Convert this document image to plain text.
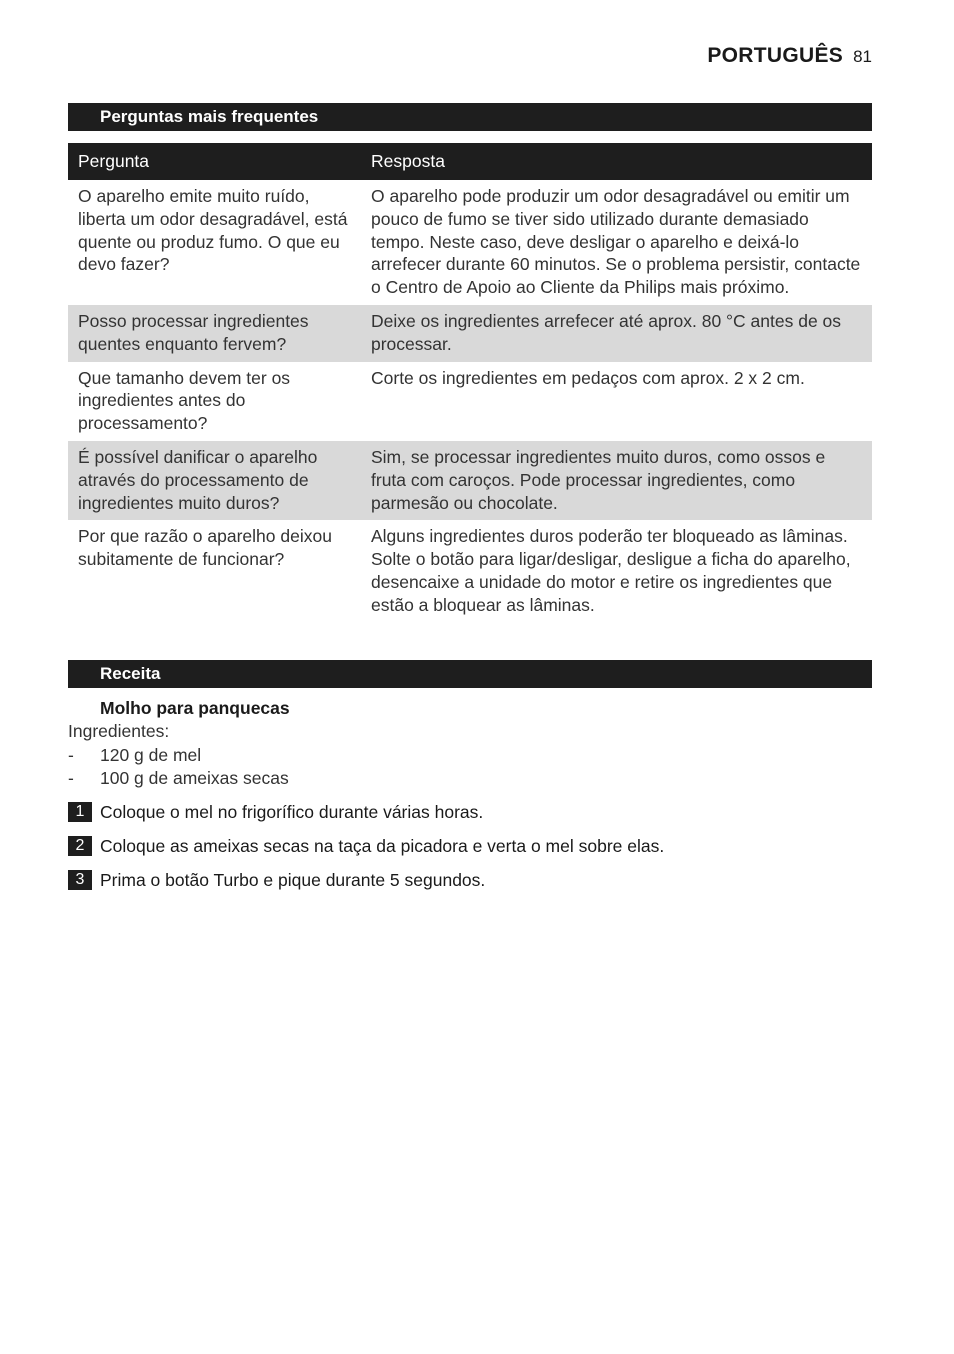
PORTUGUÊS 81
Perguntas mais frequentes
Pergunta	Resposta
O aparelho emite muito ruído, liberta um odor desagradável, está quente ou produz fumo. O que eu devo fazer?	O aparelho pode produzir um odor desagradável ou emitir um pouco de fumo se tiver sido utilizado durante demasiado tempo. Neste caso, deve desligar o aparelho e deixá-lo arrefecer durante 60 minutos. Se o problema persistir, contacte o Centro de Apoio ao Cliente da Philips mais próximo.
Posso processar ingredientes quentes enquanto fervem?	Deixe os ingredientes arrefecer até aprox. 80 °C antes de os processar.
Que tamanho devem ter os ingredientes antes do processamento?	Corte os ingredientes em pedaços com aprox. 2 x 2 cm.
É possível danificar o aparelho através do processamento de ingredientes muito duros?	Sim, se processar ingredientes muito duros, como ossos e fruta com caroços. Pode processar ingredientes, como parmesão ou chocolate.
Por que razão o aparelho deixou subitamente de funcionar?	Alguns ingredientes duros poderão ter bloqueado as lâminas. Solte o botão para ligar/desligar, desligue a ficha do aparelho, desencaixe a unidade do motor e retire os ingredientes que estão a bloquear as lâminas.
Receita
Molho para panquecas
Ingredientes:
-	120 g de mel
-	100 g de ameixas secas
1 Coloque o mel no frigorífico durante várias horas.
2 Coloque as ameixas secas na taça da picadora e verta o mel sobre elas.
3 Prima o botão Turbo e pique durante 5 segundos.
